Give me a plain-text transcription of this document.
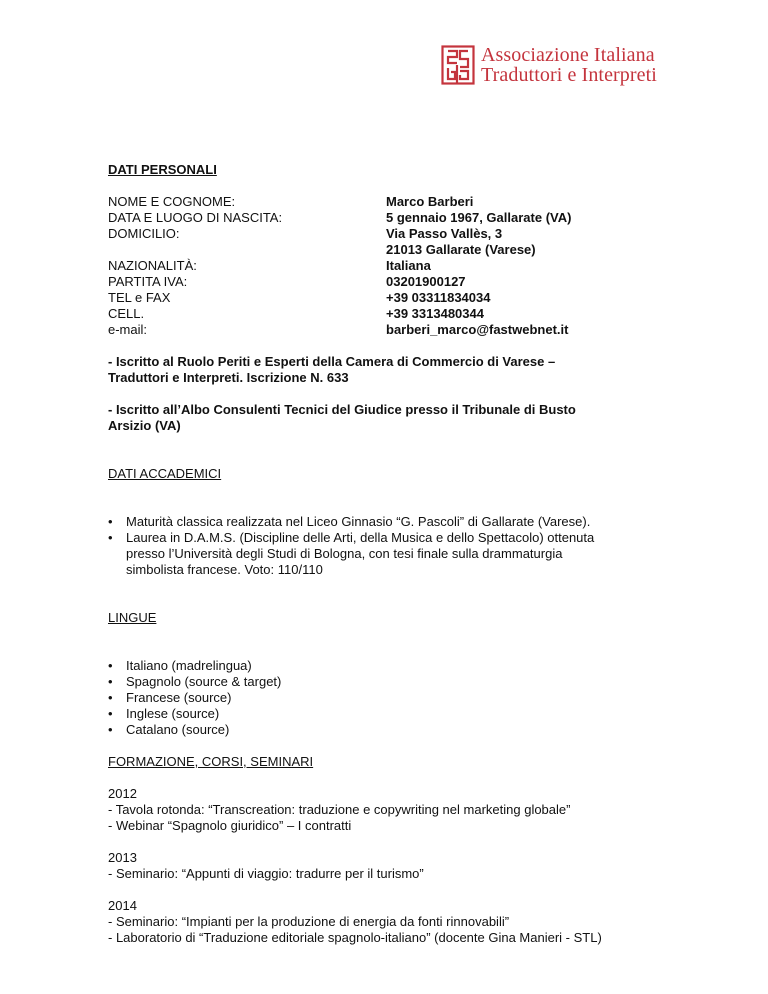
Associazione Italiana
Traduttori e Interpreti
DATI PERSONALI
NOME E COGNOME:
DATA E LUOGO DI NASCITA:
DOMICILIO:
NAZIONALITÀ:
PARTITA IVA:
TEL e FAX
CELL.
e-mail:
Marco Barberi
5 gennaio 1967, Gallarate (VA)
Via Passo Vallès, 3
21013 Gallarate (Varese)
Italiana
03201900127
+39 03311834034
+39 3313480344
barberi_marco@fastwebnet.it
- Iscritto al Ruolo Periti e Esperti della Camera di Commercio di Varese –
Traduttori e Interpreti. Iscrizione N. 633
- Iscritto all’Albo Consulenti Tecnici del Giudice presso il Tribunale di Busto
Arsizio (VA)
DATI ACCADEMICI
• Maturità classica realizzata nel Liceo Ginnasio “G. Pascoli” di Gallarate (Varese).
• Laurea in D.A.M.S. (Discipline delle Arti, della Musica e dello Spettacolo) ottenuta
presso l’Università degli Studi di Bologna, con tesi finale sulla drammaturgia
simbolista francese. Voto: 110/110
LINGUE
• Italiano (madrelingua)
• Spagnolo (source & target)
• Francese (source)
• Inglese (source)
• Catalano (source)
FORMAZIONE, CORSI, SEMINARI
2012
- Tavola rotonda: “Transcreation: traduzione e copywriting nel marketing globale”
- Webinar “Spagnolo giuridico” – I contratti
2013
- Seminario: “Appunti di viaggio: tradurre per il turismo”
2014
- Seminario: “Impianti per la produzione di energia da fonti rinnovabili”
- Laboratorio di “Traduzione editoriale spagnolo-italiano” (docente Gina Manieri - STL)
